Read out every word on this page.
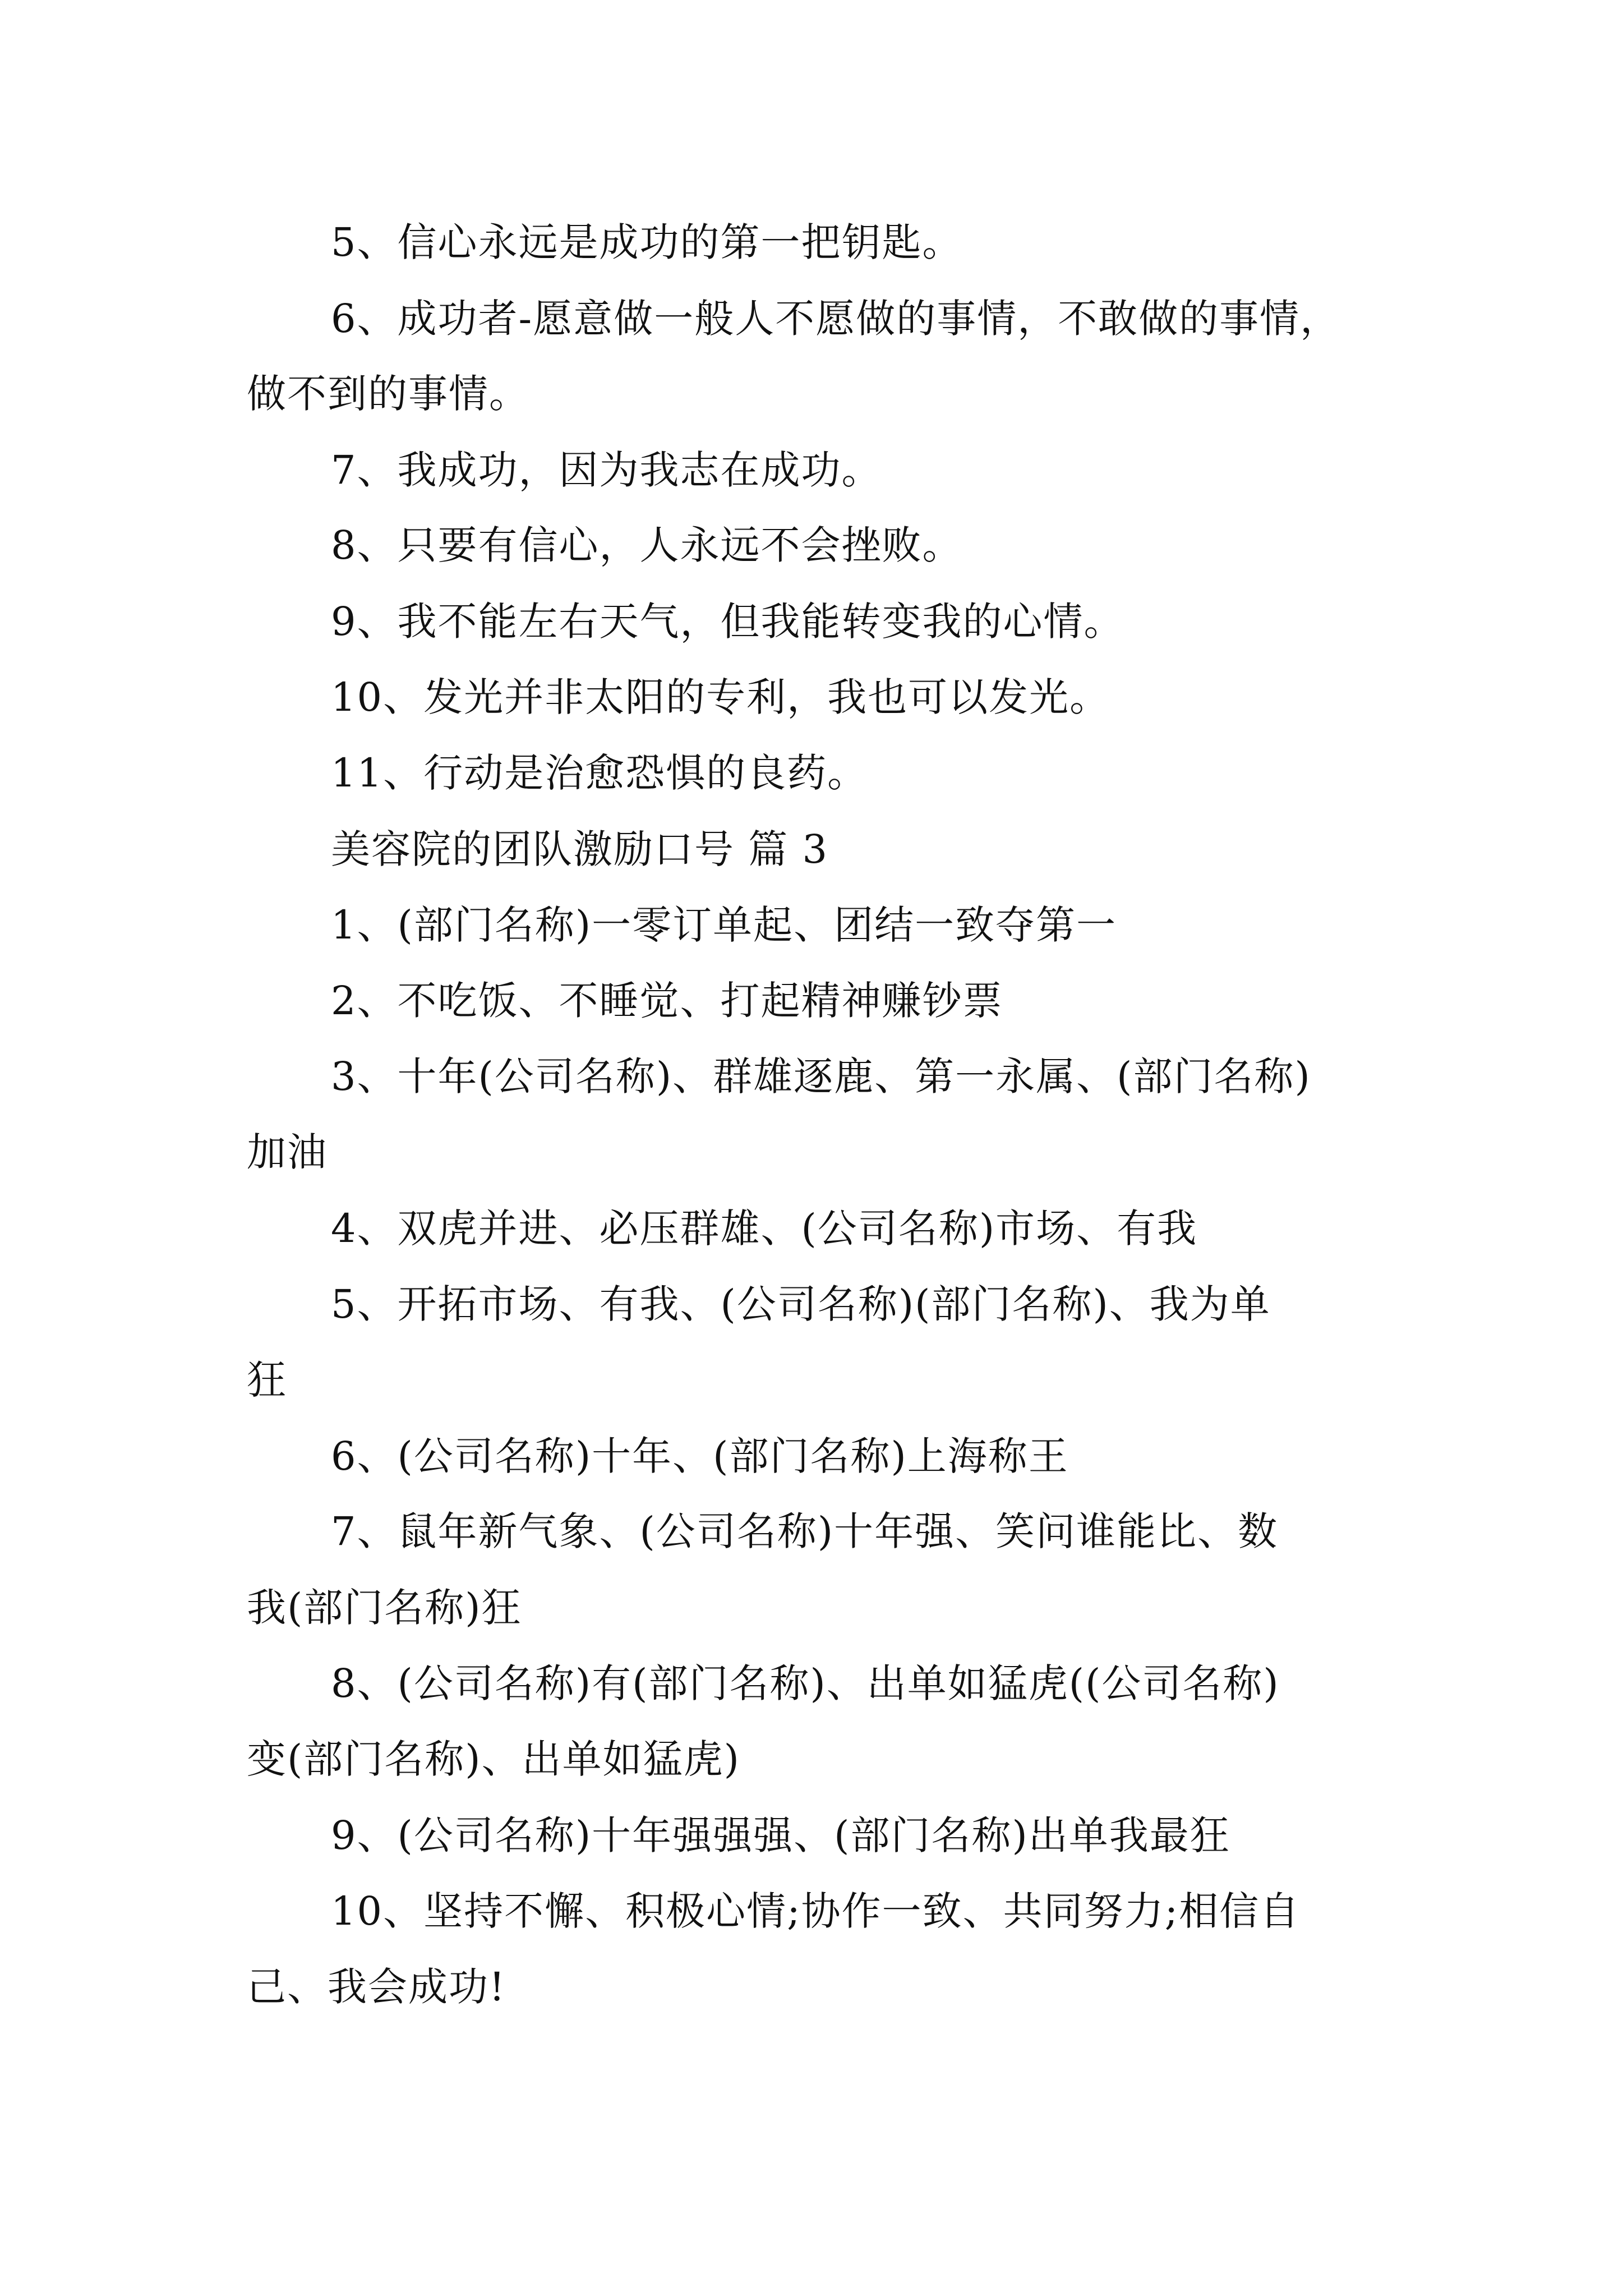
5、信心永远是成功的第一把钥匙。
6、成功者-愿意做一般人不愿做的事情，不敢做的事情，
做不到的事情。
7、我成功，因为我志在成功。
8、只要有信心，人永远不会挫败。
9、我不能左右天气，但我能转变我的心情。
10、发光并非太阳的专利，我也可以发光。
11、行动是治愈恐惧的良药。
美容院的团队激励口号 篇 3
1、(部门名称)一零订单起、团结一致夺第一
2、不吃饭、不睡觉、打起精神赚钞票
3、十年(公司名称)、群雄逐鹿、第一永属、(部门名称)
加油
4、双虎并进、必压群雄、(公司名称)市场、有我
5、开拓市场、有我、(公司名称)(部门名称)、我为单
狂
6、(公司名称)十年、(部门名称)上海称王
7、鼠年新气象、(公司名称)十年强、笑问谁能比、数
我(部门名称)狂
8、(公司名称)有(部门名称)、出单如猛虎((公司名称)
变(部门名称)、出单如猛虎)
9、(公司名称)十年强强强、(部门名称)出单我最狂
10、坚持不懈、积极心情;协作一致、共同努力;相信自
己、我会成功!
